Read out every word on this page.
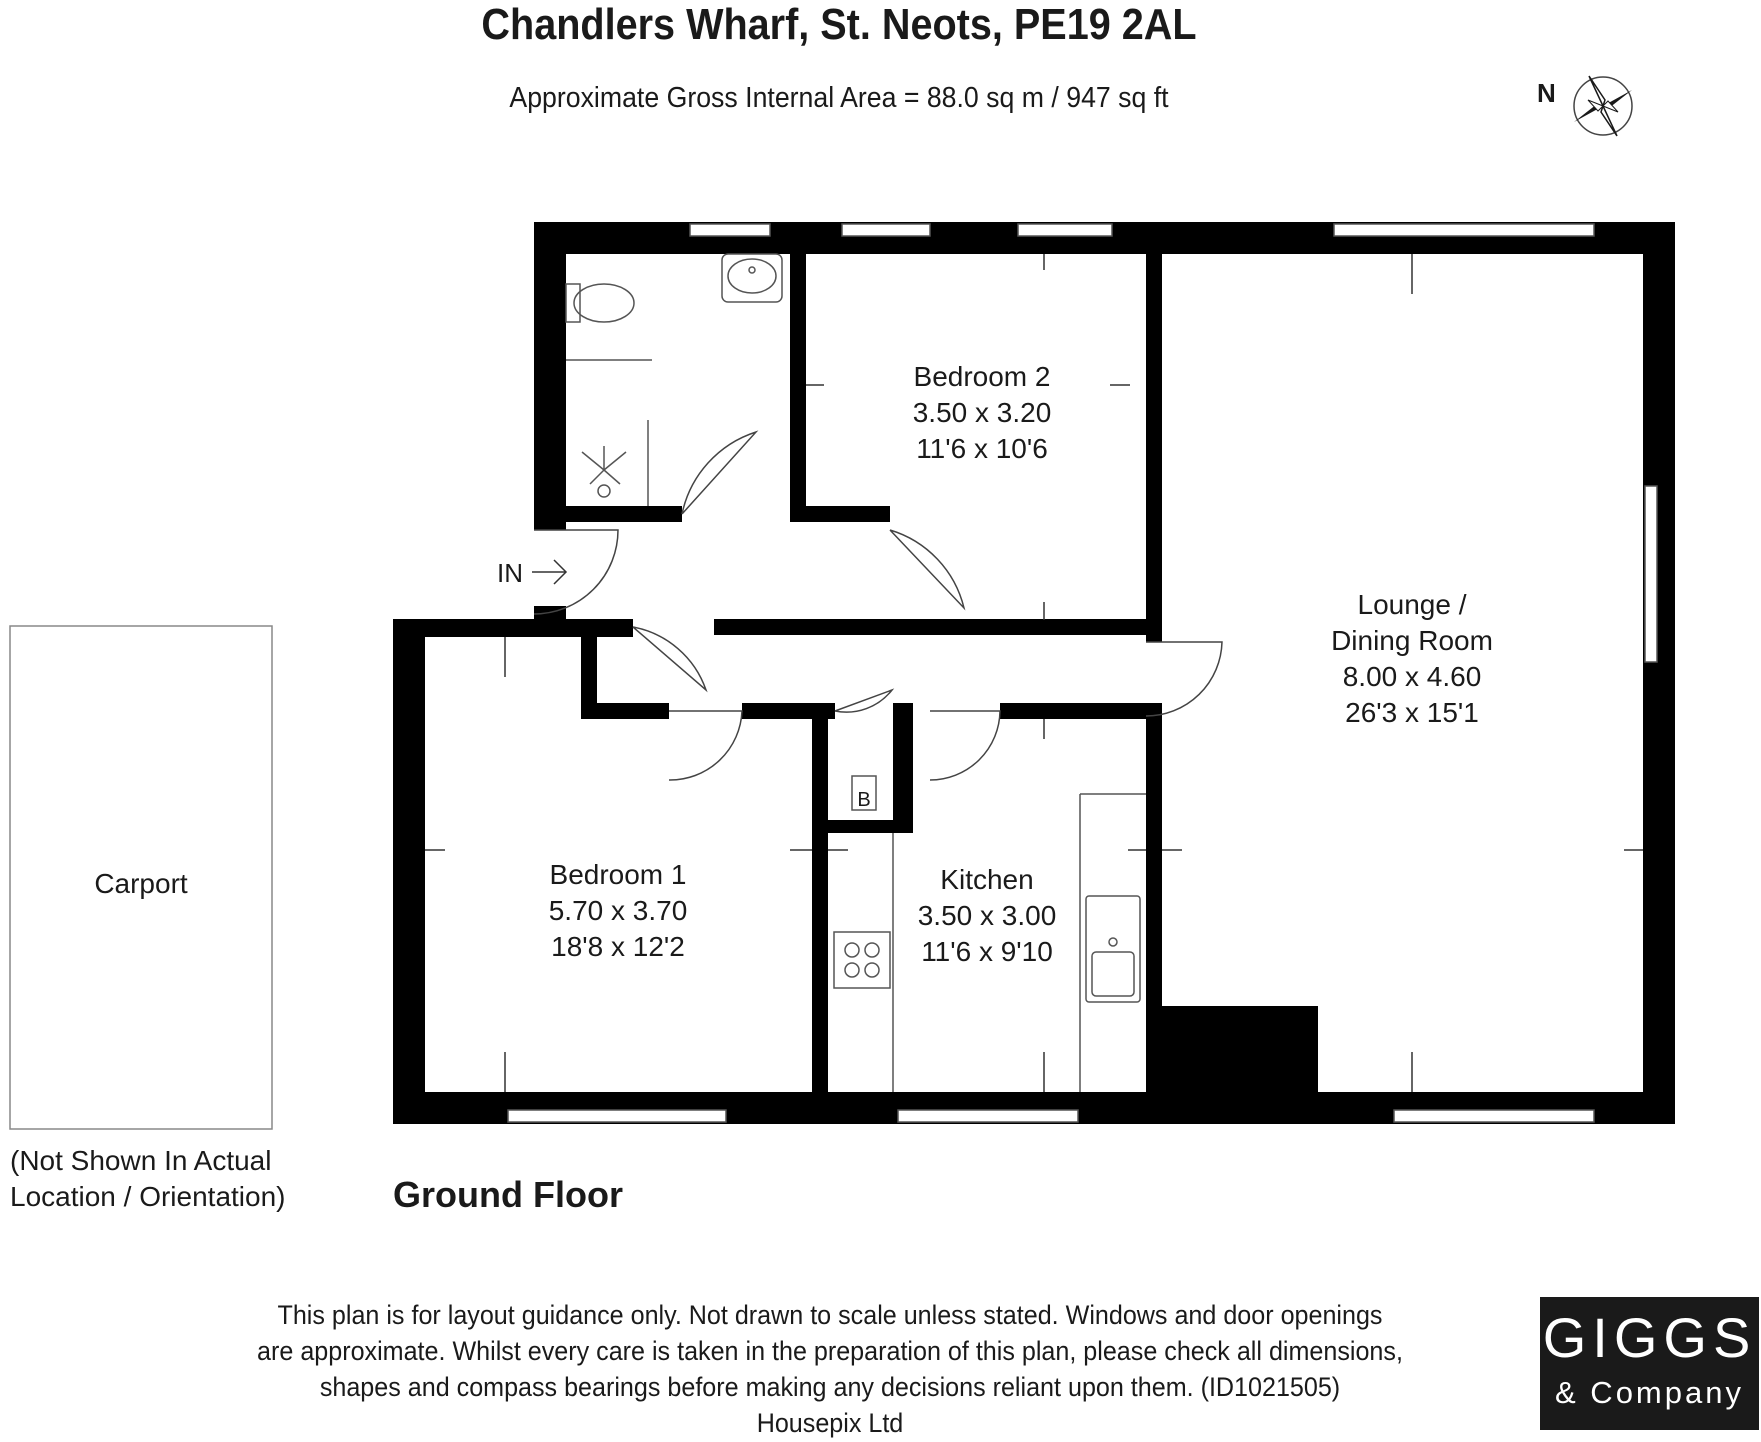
Chandlers Wharf, St. Neots, PE19 2AL
Approximate Gross Internal Area = 88.0 sq m / 947 sq ft	N
Bedroom 2
3.50 x 3.20
11'6 x 10'6
Lounge /
Dining Room
8.00 x 4.60
26'3 x 15'1
Bedroom 1
5.70 x 3.70
18'8 x 12'2
Kitchen
3.50 x 3.00
11'6 x 9'10
IN
B
Carport
(Not Shown In Actual
Location / Orientation)	Ground Floor
This plan is for layout guidance only. Not drawn to scale unless stated. Windows and door openings
are approximate. Whilst every care is taken in the preparation of this plan, please check all dimensions,
shapes and compass bearings before making any decisions reliant upon them. (ID1021505)
Housepix Ltd
GIGGS
& Company
